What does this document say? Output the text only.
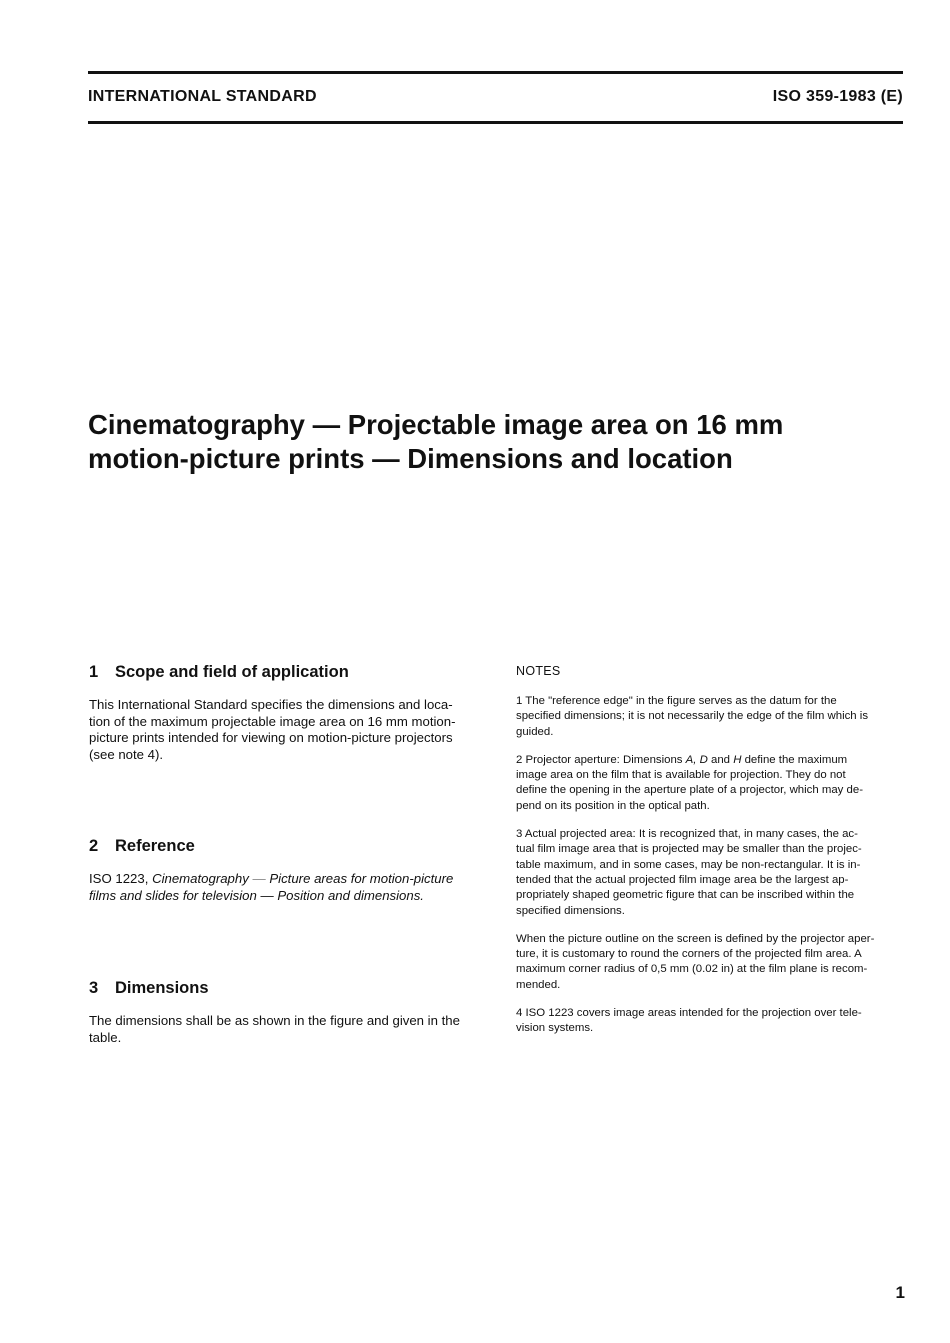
INTERNATIONAL STANDARD	ISO 359-1983 (E)
Cinematography — Projectable image area on 16 mm
motion-picture prints — Dimensions and location
1 Scope and field of application
This International Standard specifies the dimensions and loca-
tion of the maximum projectable image area on 16 mm motion-
picture prints intended for viewing on motion-picture projectors
(see note 4).
2 Reference
ISO 1223, Cinematography — Picture areas for motion-picture
films and slides for television — Position and dimensions.
3 Dimensions
The dimensions shall be as shown in the figure and given in the
table.
NOTES
1 The "reference edge" in the figure serves as the datum for the
specified dimensions; it is not necessarily the edge of the film which is
guided.
2 Projector aperture: Dimensions A, D and H define the maximum
image area on the film that is available for projection. They do not
define the opening in the aperture plate of a projector, which may de-
pend on its position in the optical path.
3 Actual projected area: It is recognized that, in many cases, the ac-
tual film image area that is projected may be smaller than the projec-
table maximum, and in some cases, may be non-rectangular. It is in-
tended that the actual projected film image area be the largest ap-
propriately shaped geometric figure that can be inscribed within the
specified dimensions.
When the picture outline on the screen is defined by the projector aper-
ture, it is customary to round the corners of the projected film area. A
maximum corner radius of 0,5 mm (0.02 in) at the film plane is recom-
mended.
4 ISO 1223 covers image areas intended for the projection over tele-
vision systems.
1
